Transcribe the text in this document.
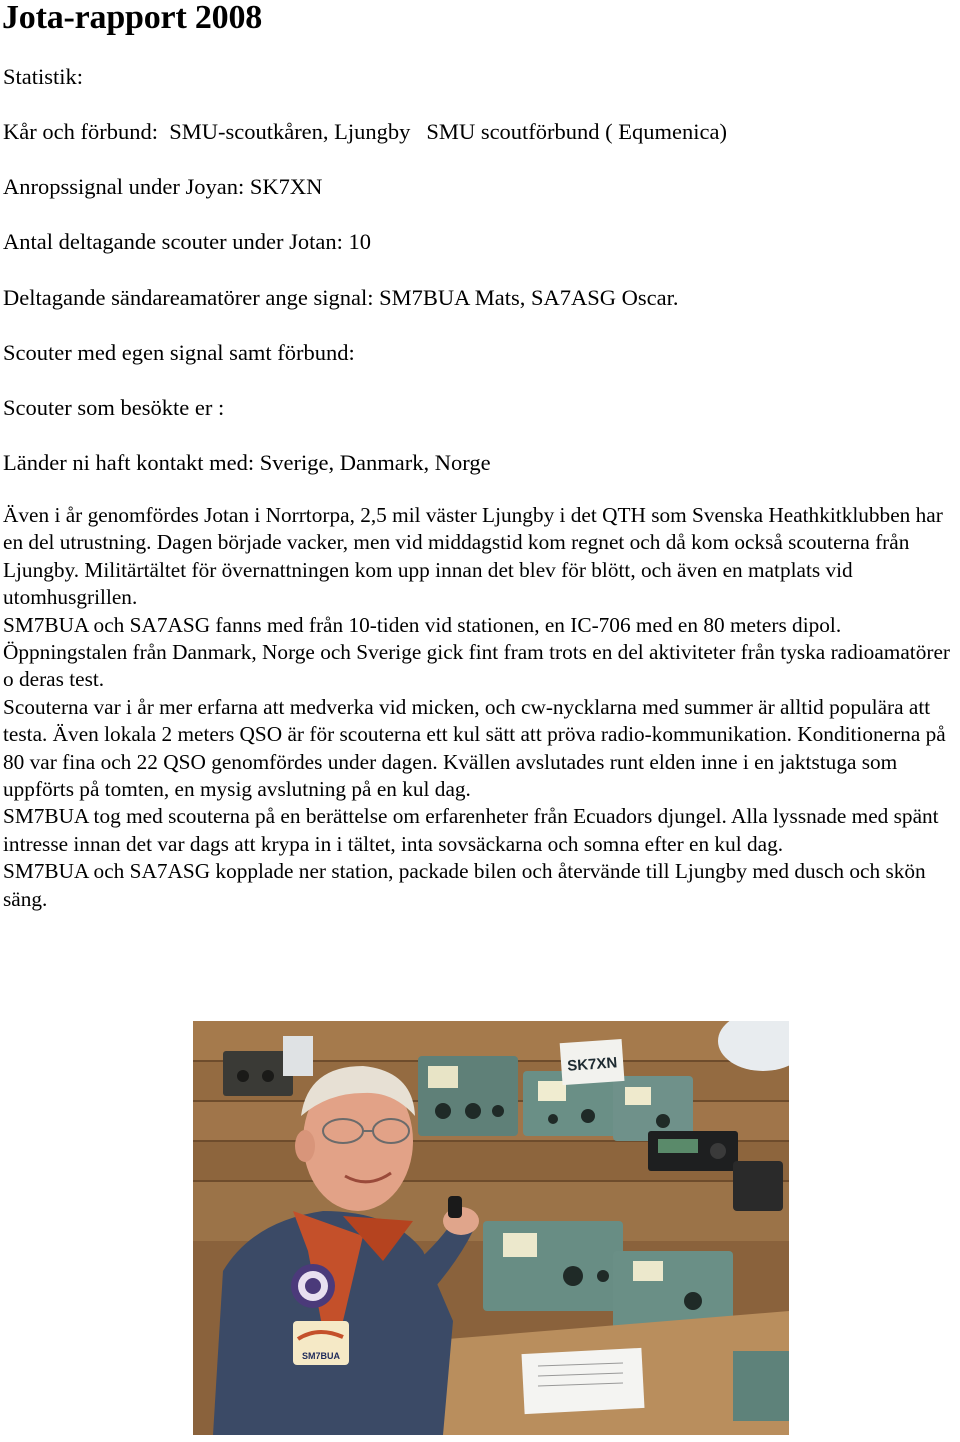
Jota-rapport 2008

Statistik:

Kår och förbund: SMU-scoutkåren, Ljungby SMU scoutförbund ( Equmenica)

Anropssignal under Joyan: SK7XN

Antal deltagande scouter under Jotan: 10

Deltagande sändareamatörer ange signal: SM7BUA Mats, SA7ASG Oscar.

Scouter med egen signal samt förbund:

Scouter som besökte er :

Länder ni haft kontakt med: Sverige, Danmark, Norge

Även i år genomfördes Jotan i Norrtorpa, 2,5 mil väster Ljungby i det QTH som Svenska Heathkitklubben har en del utrustning. Dagen började vacker, men vid middagstid kom regnet och då kom också scouterna från Ljungby. Militärtältet för övernattningen kom upp innan det blev för blött, och även en matplats vid utomhusgrillen.

SM7BUA och SA7ASG fanns med från 10-tiden vid stationen, en IC-706 med en 80 meters dipol. Öppningstalen från Danmark, Norge och Sverige gick fint fram trots en del aktiviteter från tyska radioamatörer o deras test.

Scouterna var i år mer erfarna att medverka vid micken, och cw-nycklarna med summer är alltid populära att testa. Även lokala 2 meters QSO är för scouterna ett kul sätt att pröva radio-kommunikation. Konditionerna på 80 var fina och 22 QSO genomfördes under dagen. Kvällen avslutades runt elden inne i en jaktstuga som uppförts på tomten, en mysig avslutning på en kul dag.

SM7BUA tog med scouterna på en berättelse om erfarenheter från Ecuadors djungel. Alla lyssnade med spänt intresse innan det var dags att krypa in i tältet, inta sovsäckarna och somna efter en kul dag.

SM7BUA och SA7ASG kopplade ner station, packade bilen och återvände till Ljungby med dusch och skön säng.

SK7XN
SM7BUA
